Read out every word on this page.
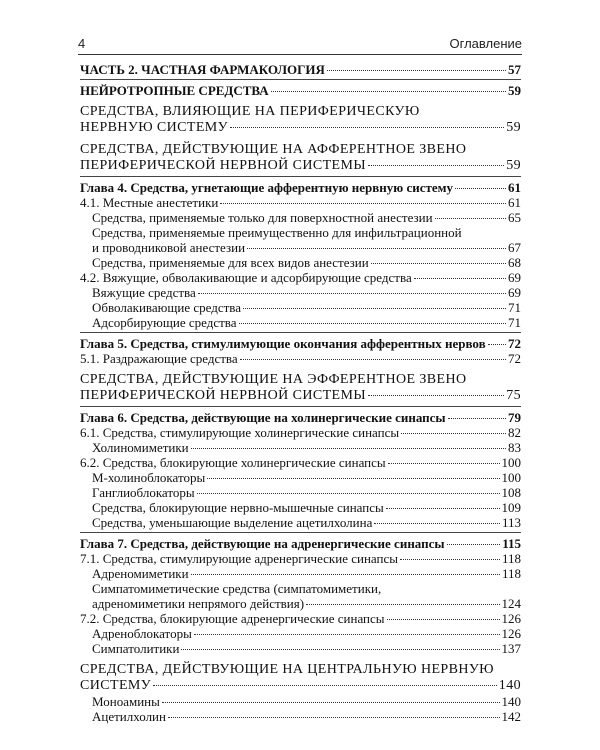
4	Оглавление
ЧАСТЬ 2. ЧАСТНАЯ ФАРМАКОЛОГИЯ	57
НЕЙРОТРОПНЫЕ СРЕДСТВА	59
СРЕДСТВА, ВЛИЯЮЩИЕ НА ПЕРИФЕРИЧЕСКУЮ
НЕРВНУЮ СИСТЕМУ	59
СРЕДСТВА, ДЕЙСТВУЮЩИЕ НА АФФЕРЕНТНОЕ ЗВЕНО
ПЕРИФЕРИЧЕСКОЙ НЕРВНОЙ СИСТЕМЫ	59
Глава 4. Средства, угнетающие афферентную нервную систему	61
4.1. Местные анестетики	61
Средства, применяемые только для поверхностной анестезии	65
Средства, применяемые преимущественно для инфильтрационной
и проводниковой анестезии	67
Средства, применяемые для всех видов анестезии	68
4.2. Вяжущие, обволакивающие и адсорбирующие средства	69
Вяжущие средства	69
Обволакивающие средства	71
Адсорбирующие средства	71
Глава 5. Средства, стимулимующие окончания афферентных нервов 72
5.1. Раздражающие средства	72
СРЕДСТВА, ДЕЙСТВУЮЩИЕ НА ЭФФЕРЕНТНОЕ ЗВЕНО
ПЕРИФЕРИЧЕСКОЙ НЕРВНОЙ СИСТЕМЫ	75
Глава 6. Средства, действующие на холинергические синапсы	79
6.1. Средства, стимулирующие холинергические синапсы	82
Холиномиметики	83
6.2. Средства, блокирующие холинергические синапсы	100
М-холиноблокаторы	100
Ганглиоблокаторы	108
Средства, блокирующие нервно-мышечные синапсы	109
Средства, уменьшающие выделение ацетилхолина	113
Глава 7. Средства, действующие на адренергические синапсы	115
7.1. Средства, стимулирующие адренергические синапсы	118
Адреномиметики	118
Симпатомиметические средства (симпатомиметики,
адреномиметики непрямого действия)	124
7.2. Средства, блокирующие адренергические синапсы	126
Адреноблокаторы	126
Симпатолитики	137
СРЕДСТВА, ДЕЙСТВУЮЩИЕ НА ЦЕНТРАЛЬНУЮ НЕРВНУЮ
СИСТЕМУ	140
Моноамины	140
Ацетилхолин	142
